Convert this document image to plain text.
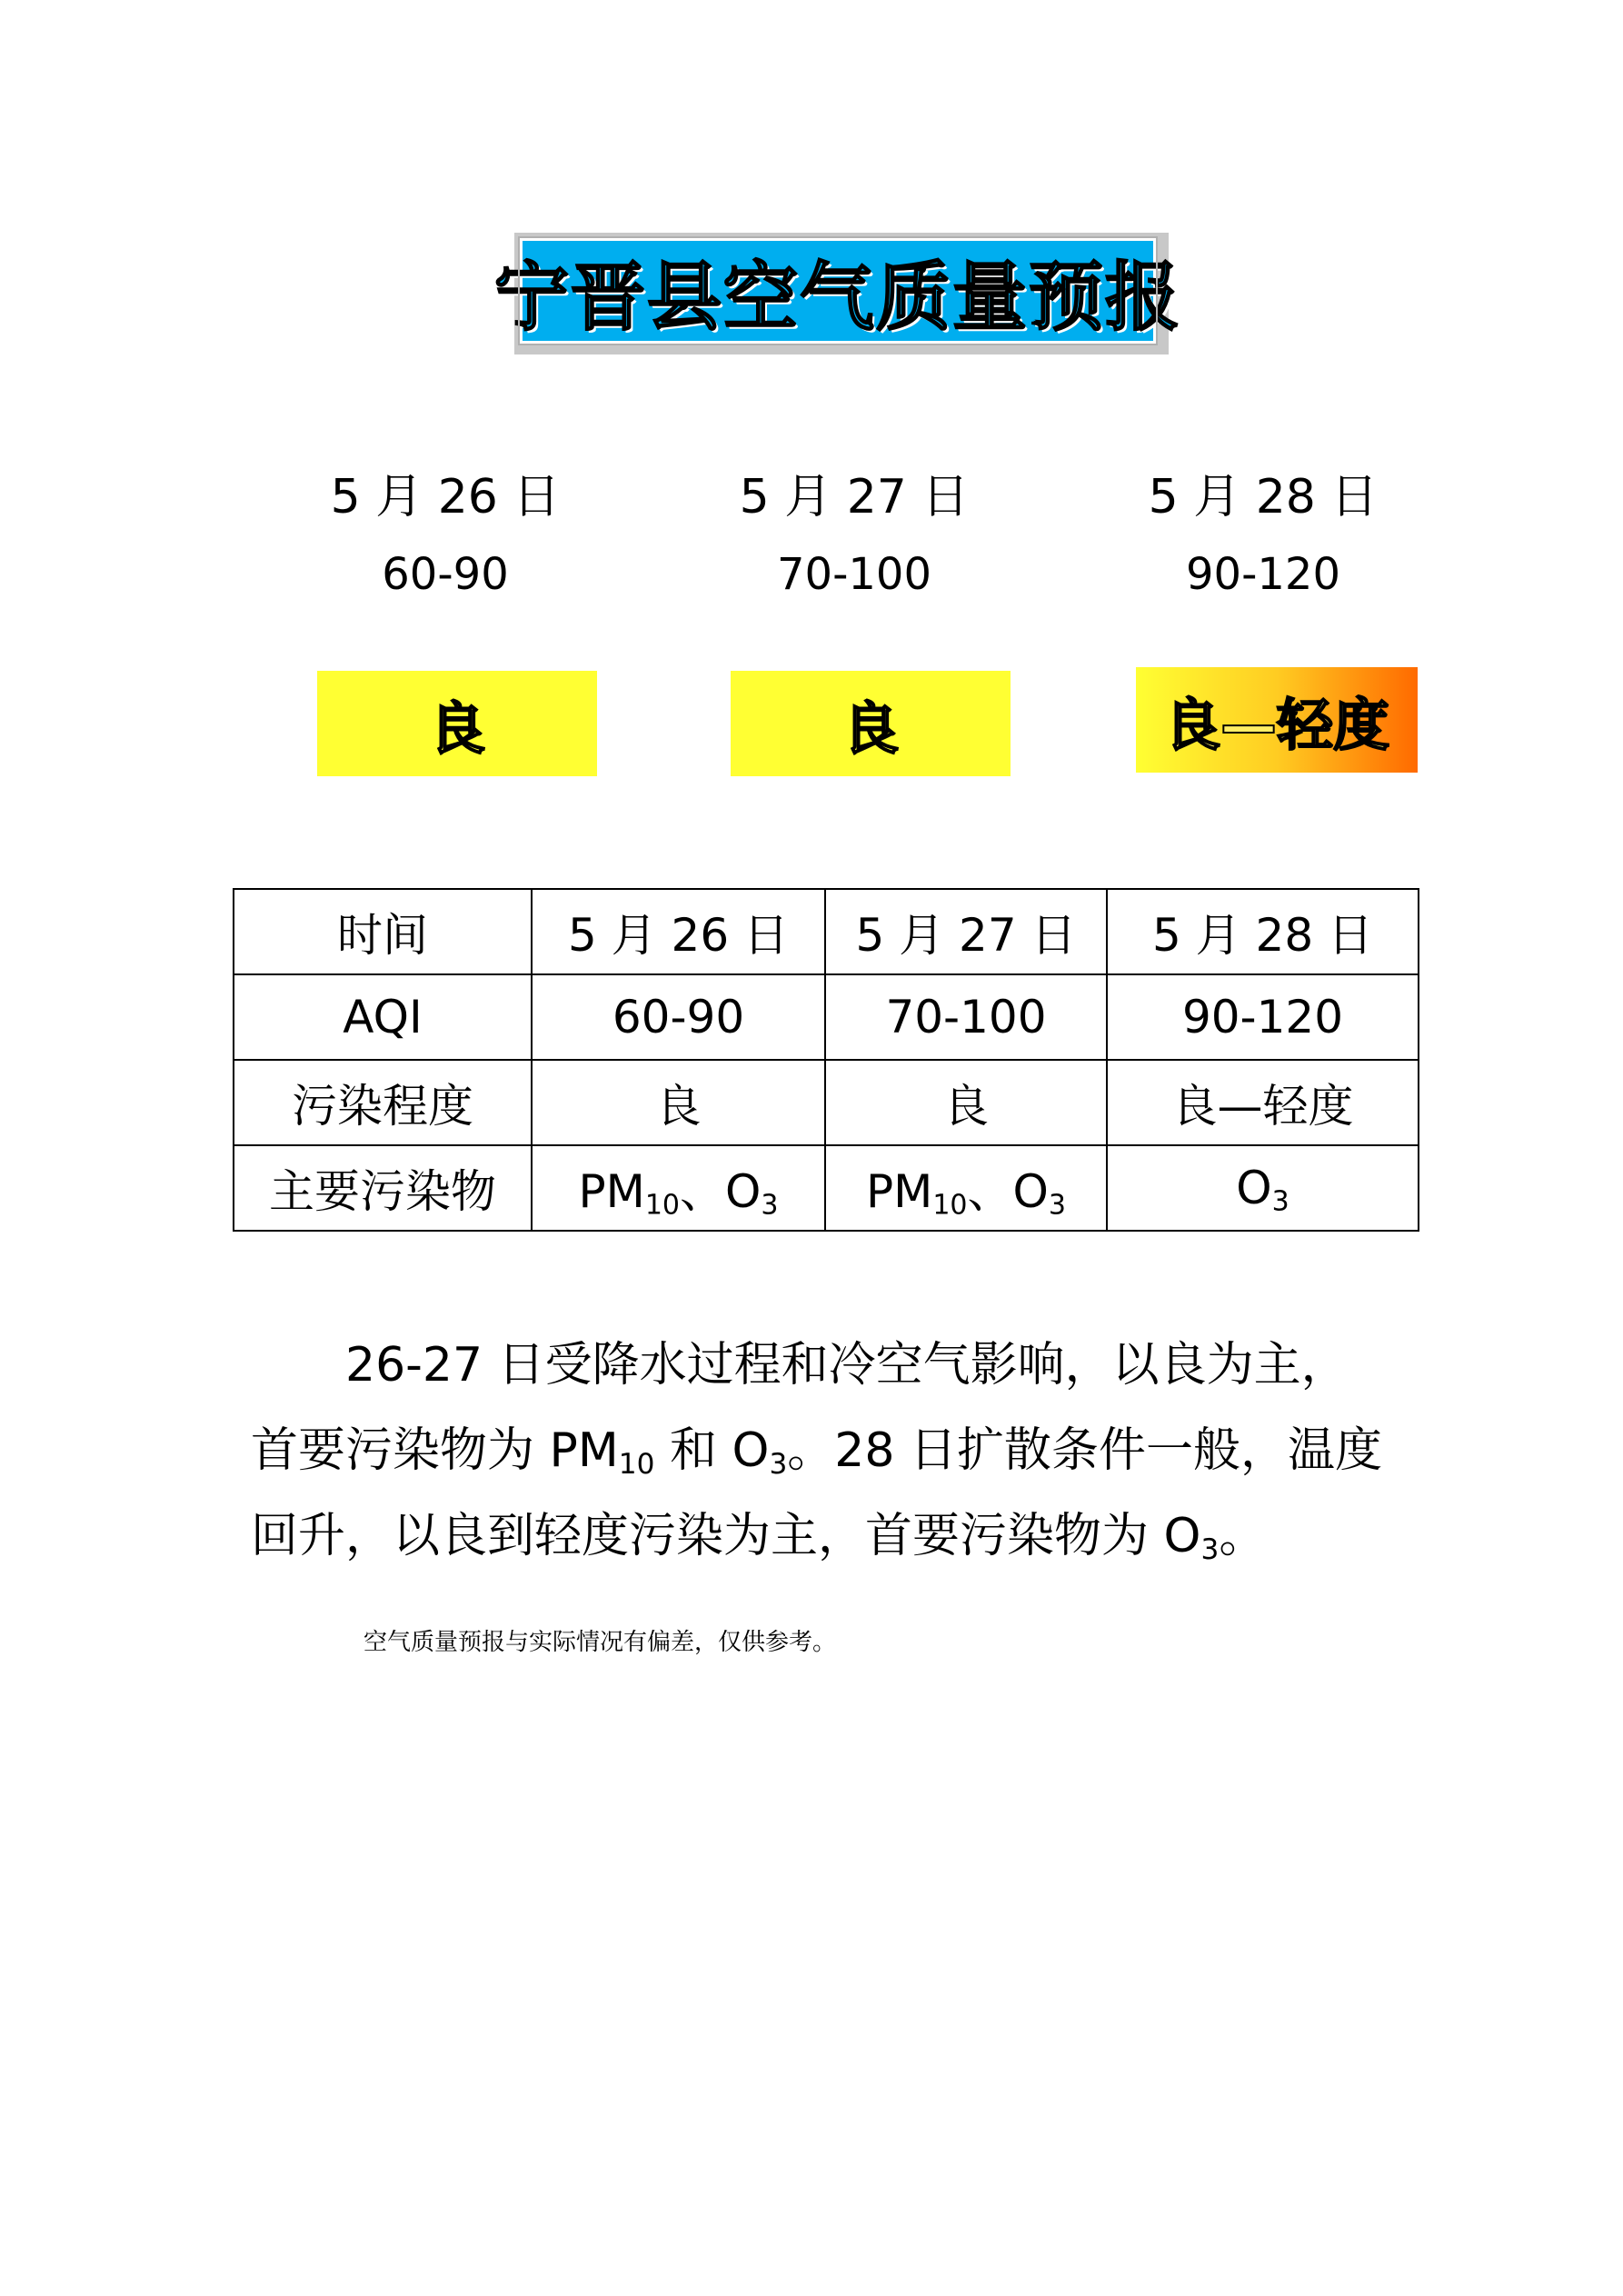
宁晋县空气质量预报
5 月 26 日
60-90
5 月 27 日
70-100
5 月 28 日
90-120
良	良	良—轻度
时间	5 月 26 日	5 月 27 日	5 月 28 日
AQI	60-90	70-100	90-120
污染程度	良	良	良—轻度
主要污染物	$PM_{10}$、$O_3$	$PM_{10}$、$O_3$	$O_3$
26-27 日受降水过程和冷空气影响，以良为主，
首要污染物为 $PM_{10}$ 和 $O_3$。28 日扩散条件一般，温度
回升，以良到轻度污染为主，首要污染物为 $O_3$。
空气质量预报与实际情况有偏差，仅供参考。
